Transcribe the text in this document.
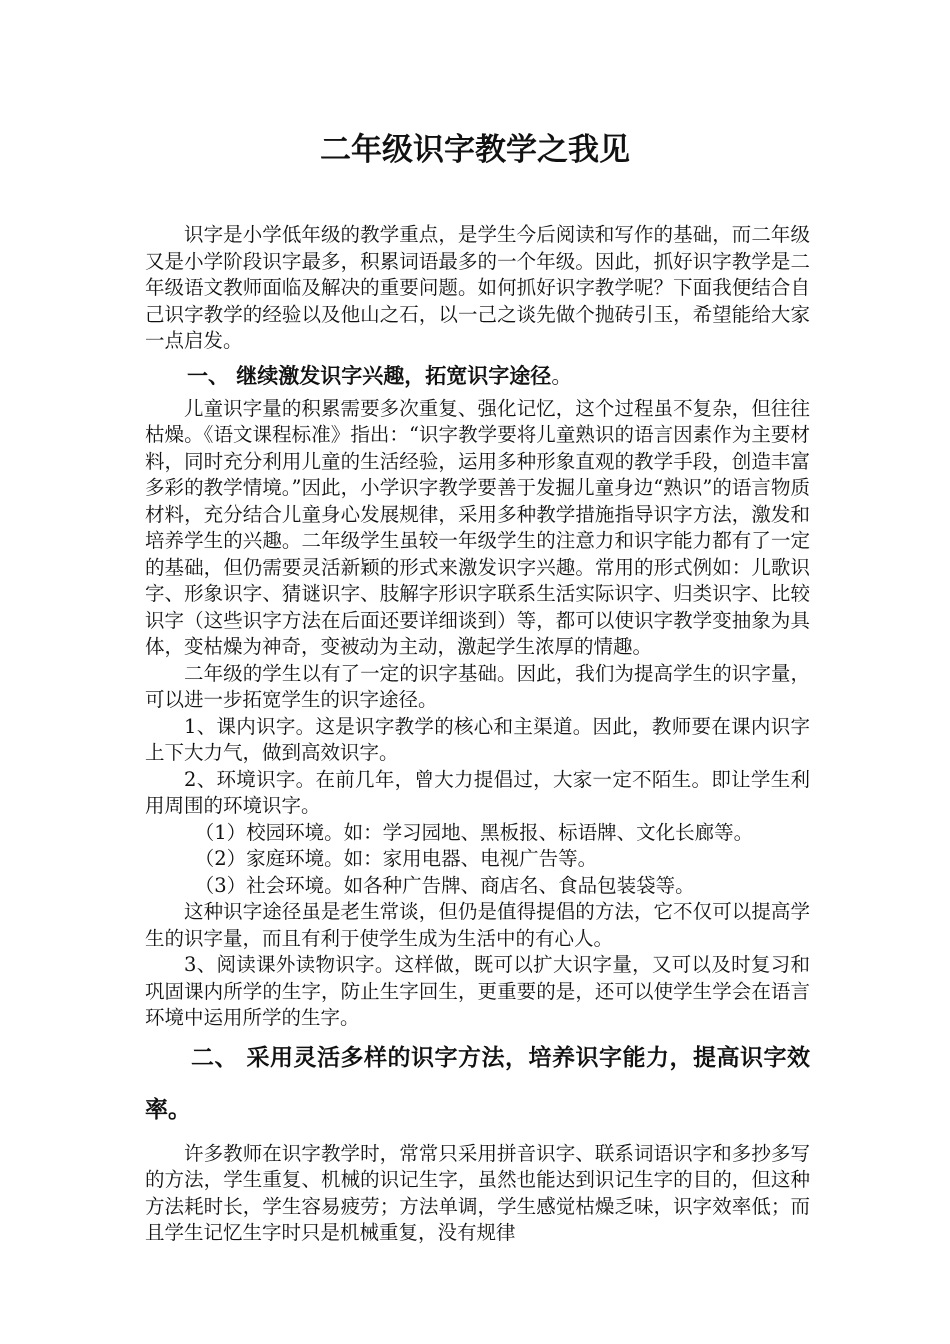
二年级识字教学之我见

识字是小学低年级的教学重点，是学生今后阅读和写作的基础，而二年级又是小学阶段识字最多，积累词语最多的一个年级。因此，抓好识字教学是二年级语文教师面临及解决的重要问题。如何抓好识字教学呢？下面我便结合自己识字教学的经验以及他山之石，以一己之谈先做个抛砖引玉，希望能给大家一点启发。

一、 继续激发识字兴趣，拓宽识字途径。

儿童识字量的积累需要多次重复、强化记忆，这个过程虽不复杂，但往往枯燥。《语文课程标准》指出：“识字教学要将儿童熟识的语言因素作为主要材料，同时充分利用儿童的生活经验，运用多种形象直观的教学手段，创造丰富多彩的教学情境。”因此，小学识字教学要善于发掘儿童身边“熟识”的语言物质材料，充分结合儿童身心发展规律，采用多种教学措施指导识字方法，激发和培养学生的兴趣。二年级学生虽较一年级学生的注意力和识字能力都有了一定的基础，但仍需要灵活新颖的形式来激发识字兴趣。常用的形式例如：儿歌识字、形象识字、猜谜识字、肢解字形识字联系生活实际识字、归类识字、比较识字（这些识字方法在后面还要详细谈到）等，都可以使识字教学变抽象为具体，变枯燥为神奇，变被动为主动，激起学生浓厚的情趣。

二年级的学生以有了一定的识字基础。因此，我们为提高学生的识字量，可以进一步拓宽学生的识字途径。

1、课内识字。这是识字教学的核心和主渠道。因此，教师要在课内识字上下大力气，做到高效识字。

2、环境识字。在前几年，曾大力提倡过，大家一定不陌生。即让学生利用周围的环境识字。

（1）校园环境。如：学习园地、黑板报、标语牌、文化长廊等。

（2）家庭环境。如：家用电器、电视广告等。

（3）社会环境。如各种广告牌、商店名、食品包装袋等。

这种识字途径虽是老生常谈，但仍是值得提倡的方法，它不仅可以提高学生的识字量，而且有利于使学生成为生活中的有心人。

3、阅读课外读物识字。这样做，既可以扩大识字量，又可以及时复习和巩固课内所学的生字，防止生字回生，更重要的是，还可以使学生学会在语言环境中运用所学的生字。

二、 采用灵活多样的识字方法，培养识字能力，提高识字效率。

许多教师在识字教学时，常常只采用拼音识字、联系词语识字和多抄多写的方法，学生重复、机械的识记生字，虽然也能达到识记生字的目的，但这种方法耗时长，学生容易疲劳；方法单调，学生感觉枯燥乏味，识字效率低；而且学生记忆生字时只是机械重复，没有规律
